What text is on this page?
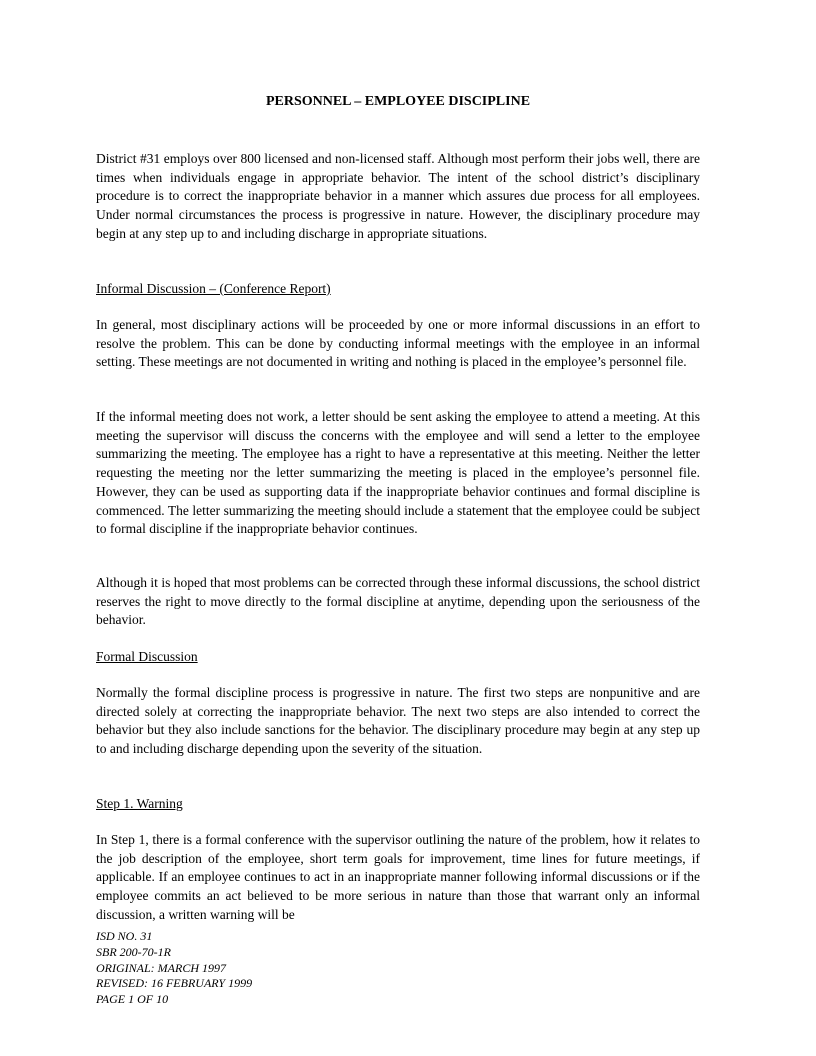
PERSONNEL – EMPLOYEE DISCIPLINE

District #31 employs over 800 licensed and non-licensed staff. Although most perform their jobs well, there are times when individuals engage in appropriate behavior. The intent of the school district’s disciplinary procedure is to correct the inappropriate behavior in a manner which assures due process for all employees. Under normal circumstances the process is progressive in nature. However, the disciplinary procedure may begin at any step up to and including discharge in appropriate situations.

Informal Discussion – (Conference Report)

In general, most disciplinary actions will be proceeded by one or more informal discussions in an effort to resolve the problem. This can be done by conducting informal meetings with the employee in an informal setting. These meetings are not documented in writing and nothing is placed in the employee’s personnel file.

If the informal meeting does not work, a letter should be sent asking the employee to attend a meeting. At this meeting the supervisor will discuss the concerns with the employee and will send a letter to the employee summarizing the meeting. The employee has a right to have a representative at this meeting. Neither the letter requesting the meeting nor the letter summarizing the meeting is placed in the employee’s personnel file. However, they can be used as supporting data if the inappropriate behavior continues and formal discipline is commenced. The letter summarizing the meeting should include a statement that the employee could be subject to formal discipline if the inappropriate behavior continues.

Although it is hoped that most problems can be corrected through these informal discussions, the school district reserves the right to move directly to the formal discipline at anytime, depending upon the seriousness of the behavior.

Formal Discussion

Normally the formal discipline process is progressive in nature. The first two steps are nonpunitive and are directed solely at correcting the inappropriate behavior. The next two steps are also intended to correct the behavior but they also include sanctions for the behavior. The disciplinary procedure may begin at any step up to and including discharge depending upon the severity of the situation.

Step 1. Warning

In Step 1, there is a formal conference with the supervisor outlining the nature of the problem, how it relates to the job description of the employee, short term goals for improvement, time lines for future meetings, if applicable. If an employee continues to act in an inappropriate manner following informal discussions or if the employee commits an act believed to be more serious in nature than those that warrant only an informal discussion, a written warning will be

ISD NO. 31
SBR 200-70-1R
ORIGINAL: MARCH 1997
REVISED: 16 FEBRUARY 1999
PAGE 1 OF 10
